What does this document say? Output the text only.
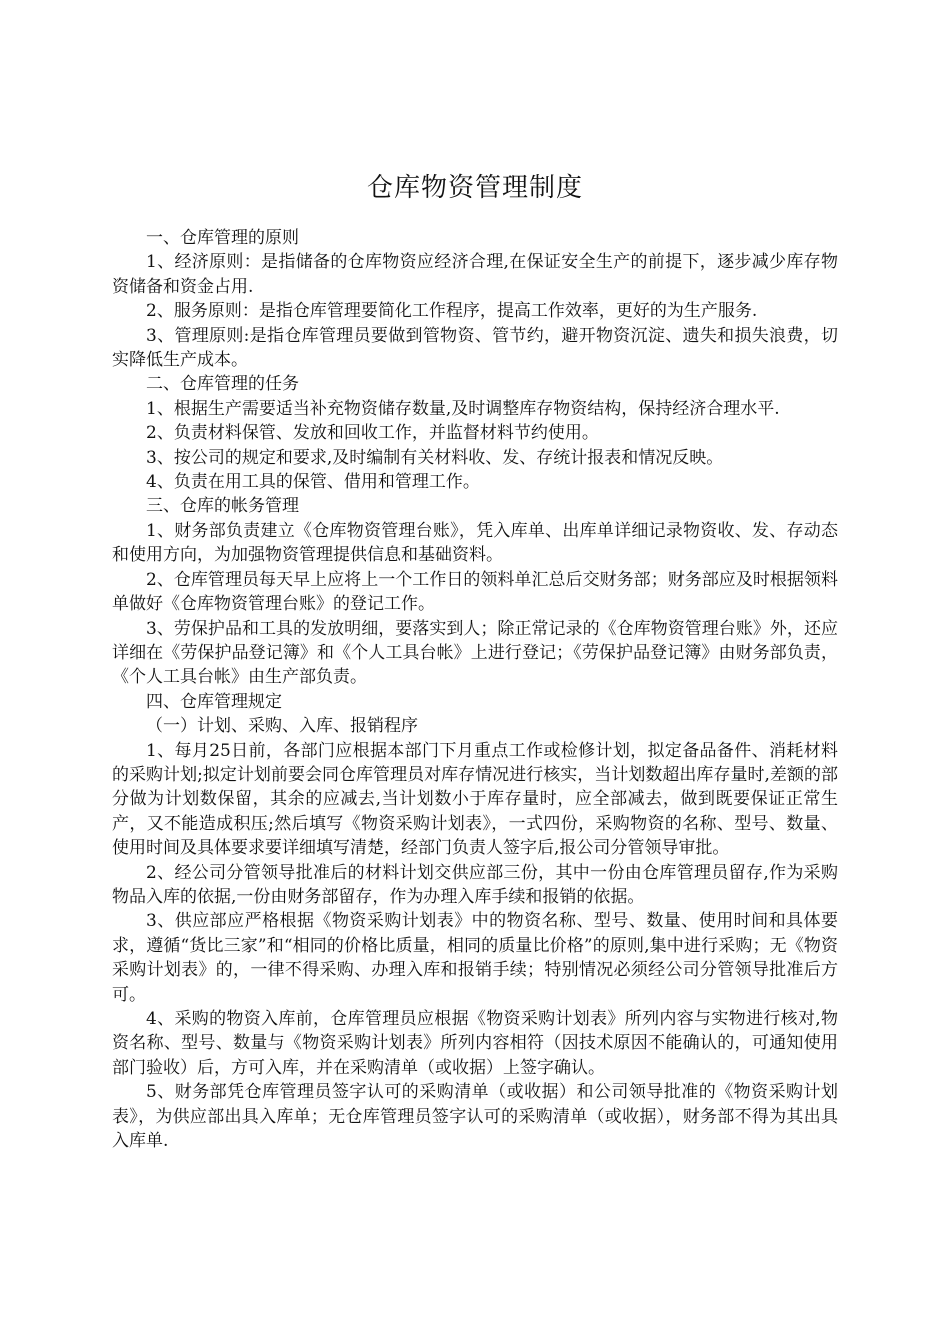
仓库物资管理制度

一、仓库管理的原则

1、经济原则：是指储备的仓库物资应经济合理,在保证安全生产的前提下，逐步减少库存物资储备和资金占用.

2、服务原则：是指仓库管理要简化工作程序，提高工作效率，更好的为生产服务.

3、管理原则:是指仓库管理员要做到管物资、管节约，避开物资沉淀、遗失和损失浪费，切实降低生产成本。

二、仓库管理的任务

1、根据生产需要适当补充物资储存数量,及时调整库存物资结构，保持经济合理水平.

2、负责材料保管、发放和回收工作，并监督材料节约使用。

3、按公司的规定和要求,及时编制有关材料收、发、存统计报表和情况反映。

4、负责在用工具的保管、借用和管理工作。

三、仓库的帐务管理

1、财务部负责建立《仓库物资管理台账》，凭入库单、出库单详细记录物资收、发、存动态和使用方向，为加强物资管理提供信息和基础资料。

2、仓库管理员每天早上应将上一个工作日的领料单汇总后交财务部；财务部应及时根据领料单做好《仓库物资管理台账》的登记工作。

3、劳保护品和工具的发放明细，要落实到人；除正常记录的《仓库物资管理台账》外，还应详细在《劳保护品登记簿》和《个人工具台帐》上进行登记；《劳保护品登记簿》由财务部负责，《个人工具台帐》由生产部负责。

四、仓库管理规定

（一）计划、采购、入库、报销程序

1、每月25日前，各部门应根据本部门下月重点工作或检修计划，拟定备品备件、消耗材料的采购计划;拟定计划前要会同仓库管理员对库存情况进行核实，当计划数超出库存量时,差额的部分做为计划数保留，其余的应减去,当计划数小于库存量时，应全部减去，做到既要保证正常生产，又不能造成积压;然后填写《物资采购计划表》，一式四份，采购物资的名称、型号、数量、使用时间及具体要求要详细填写清楚，经部门负责人签字后,报公司分管领导审批。

2、经公司分管领导批准后的材料计划交供应部三份，其中一份由仓库管理员留存,作为采购物品入库的依据,一份由财务部留存，作为办理入库手续和报销的依据。

3、供应部应严格根据《物资采购计划表》中的物资名称、型号、数量、使用时间和具体要求，遵循“货比三家”和“相同的价格比质量，相同的质量比价格”的原则,集中进行采购；无《物资采购计划表》的，一律不得采购、办理入库和报销手续；特别情况必须经公司分管领导批准后方可。

4、采购的物资入库前，仓库管理员应根据《物资采购计划表》所列内容与实物进行核对,物资名称、型号、数量与《物资采购计划表》所列内容相符（因技术原因不能确认的，可通知使用部门验收）后，方可入库，并在采购清单（或收据）上签字确认。

5、财务部凭仓库管理员签字认可的采购清单（或收据）和公司领导批准的《物资采购计划表》，为供应部出具入库单；无仓库管理员签字认可的采购清单（或收据），财务部不得为其出具入库单.
